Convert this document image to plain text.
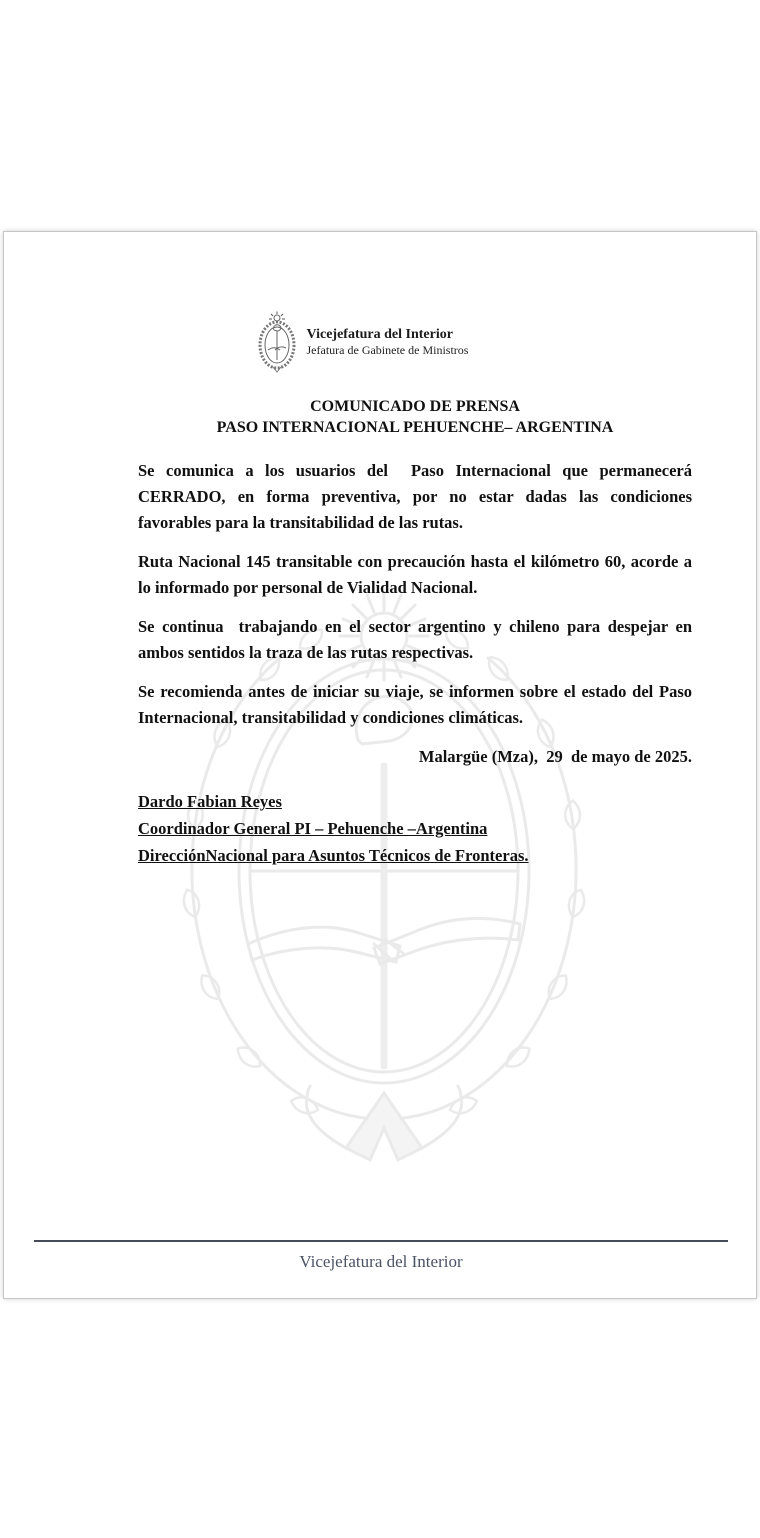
Vicejefatura del Interior
Jefatura de Gabinete de Ministros
COMUNICADO DE PRENSA
PASO INTERNACIONAL PEHUENCHE– ARGENTINA

Se comunica a los usuarios del  Paso Internacional que permanecerá CERRADO, en forma preventiva, por no estar dadas las condiciones favorables para la transitabilidad de las rutas.

Ruta Nacional 145 transitable con precaución hasta el kilómetro 60, acorde a lo informado por personal de Vialidad Nacional.

Se continua  trabajando en el sector argentino y chileno para despejar en ambos sentidos la traza de las rutas respectivas.

Se recomienda antes de iniciar su viaje, se informen sobre el estado del Paso Internacional, transitabilidad y condiciones climáticas.

Malargüe (Mza),  29  de mayo de 2025.

Dardo Fabian Reyes
Coordinador General PI – Pehuenche –Argentina
DirecciónNacional para Asuntos Técnicos de Fronteras.
Vicejefatura del Interior
